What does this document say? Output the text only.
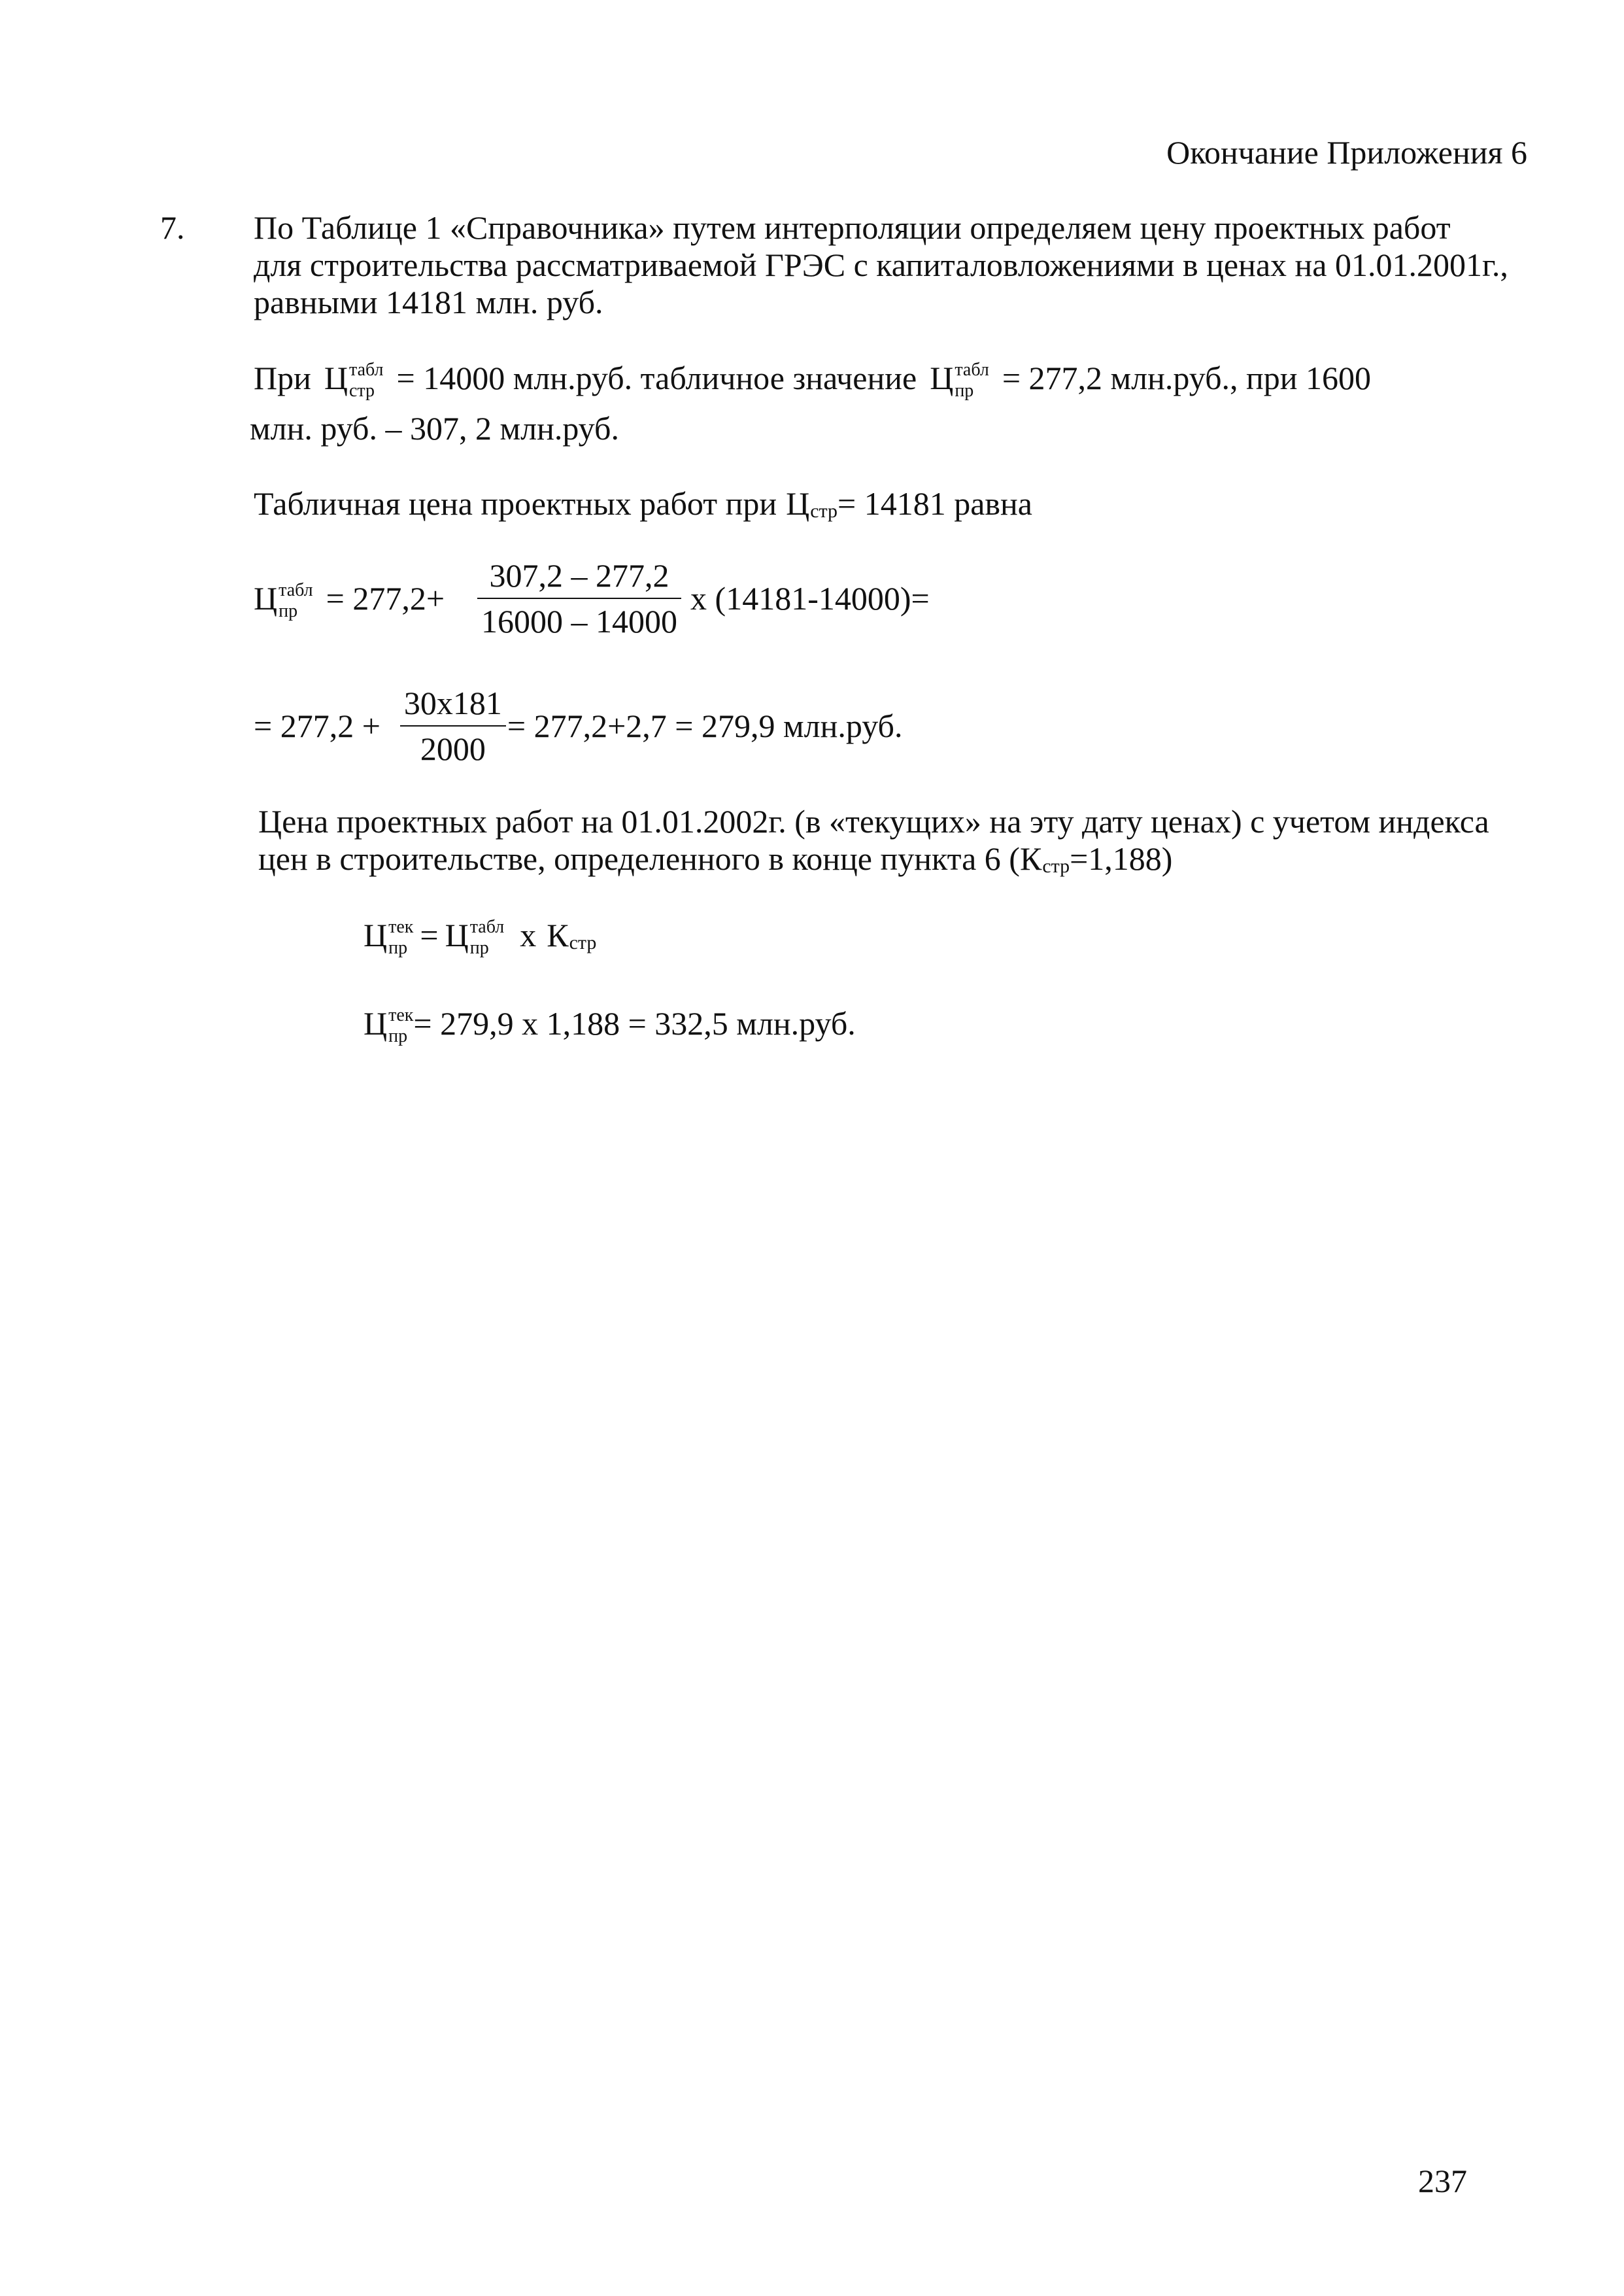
Окончание Приложения 6
7. По Таблице 1 «Справочника» путем интерполяции определяем цену проектных работ
для строительства рассматриваемой ГРЭС с капиталовложениями в ценах на 01.01.2001г.,
равными 14181 млн. руб.
При Ц табл
стр = 14000 млн.руб. табличное значение Ц табл
пр = 277,2 млн.руб., при 1600
млн. руб. – 307, 2 млн.руб.
Табличная цена проектных работ при Ц стр = 14181 равна
Ц табл
пр = $277,2+ \frac{307,2 - 277,2}{16000 - 14000}$ х (14181-14000)=
= $277,2 + \frac{30х181}{2000} = 277,2+2,7 = 279,9$ млн.руб.
Цена проектных работ на 01.01.2002г. (в «текущих» на эту дату ценах) с учетом индекса
цен в строительстве, определенного в конце пункта 6 ( К стр =1,188)
Ц тек
пр = Ц табл
пр х К стр
Ц тек
пр = 279,9 х 1,188 = 332,5 млн.руб.
237
